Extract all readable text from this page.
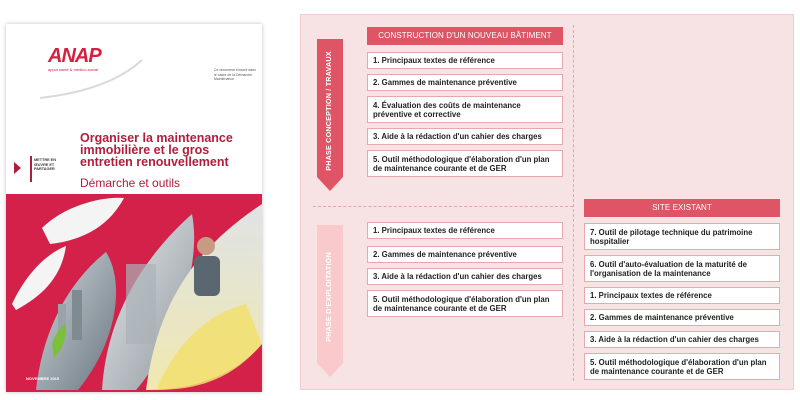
ANAP
appui santé & médico-social	Ce document s'inscrit dans le cadre de la Démarche Maintenance
Organiser la maintenance immobilière et le gros entretien renouvellement
Démarche et outils
METTRE EN ŒUVRE ET PARTAGER
NOVEMBRE 2015
PHASE CONCEPTION / TRAVAUX
PHASE D'EXPLOITATION
CONSTRUCTION D'UN NOUVEAU BÂTIMENT
1. Principaux textes de référence
2. Gammes de maintenance préventive
4. Évaluation des coûts de maintenance préventive et corrective
3. Aide à la rédaction d'un cahier des charges
5. Outil méthodologique d'élaboration d'un plan de maintenance courante et de GER
1. Principaux textes de référence
2. Gammes de maintenance préventive
3. Aide à la rédaction d'un cahier des charges
5. Outil méthodologique d'élaboration d'un plan de maintenance courante et de GER
SITE EXISTANT
7. Outil de pilotage technique du patrimoine hospitalier
6. Outil d'auto-évaluation de la maturité de l'organisation de la maintenance
1. Principaux textes de référence
2. Gammes de maintenance préventive
3. Aide à la rédaction d'un cahier des charges
5. Outil méthodologique d'élaboration d'un plan de maintenance courante et de GER
